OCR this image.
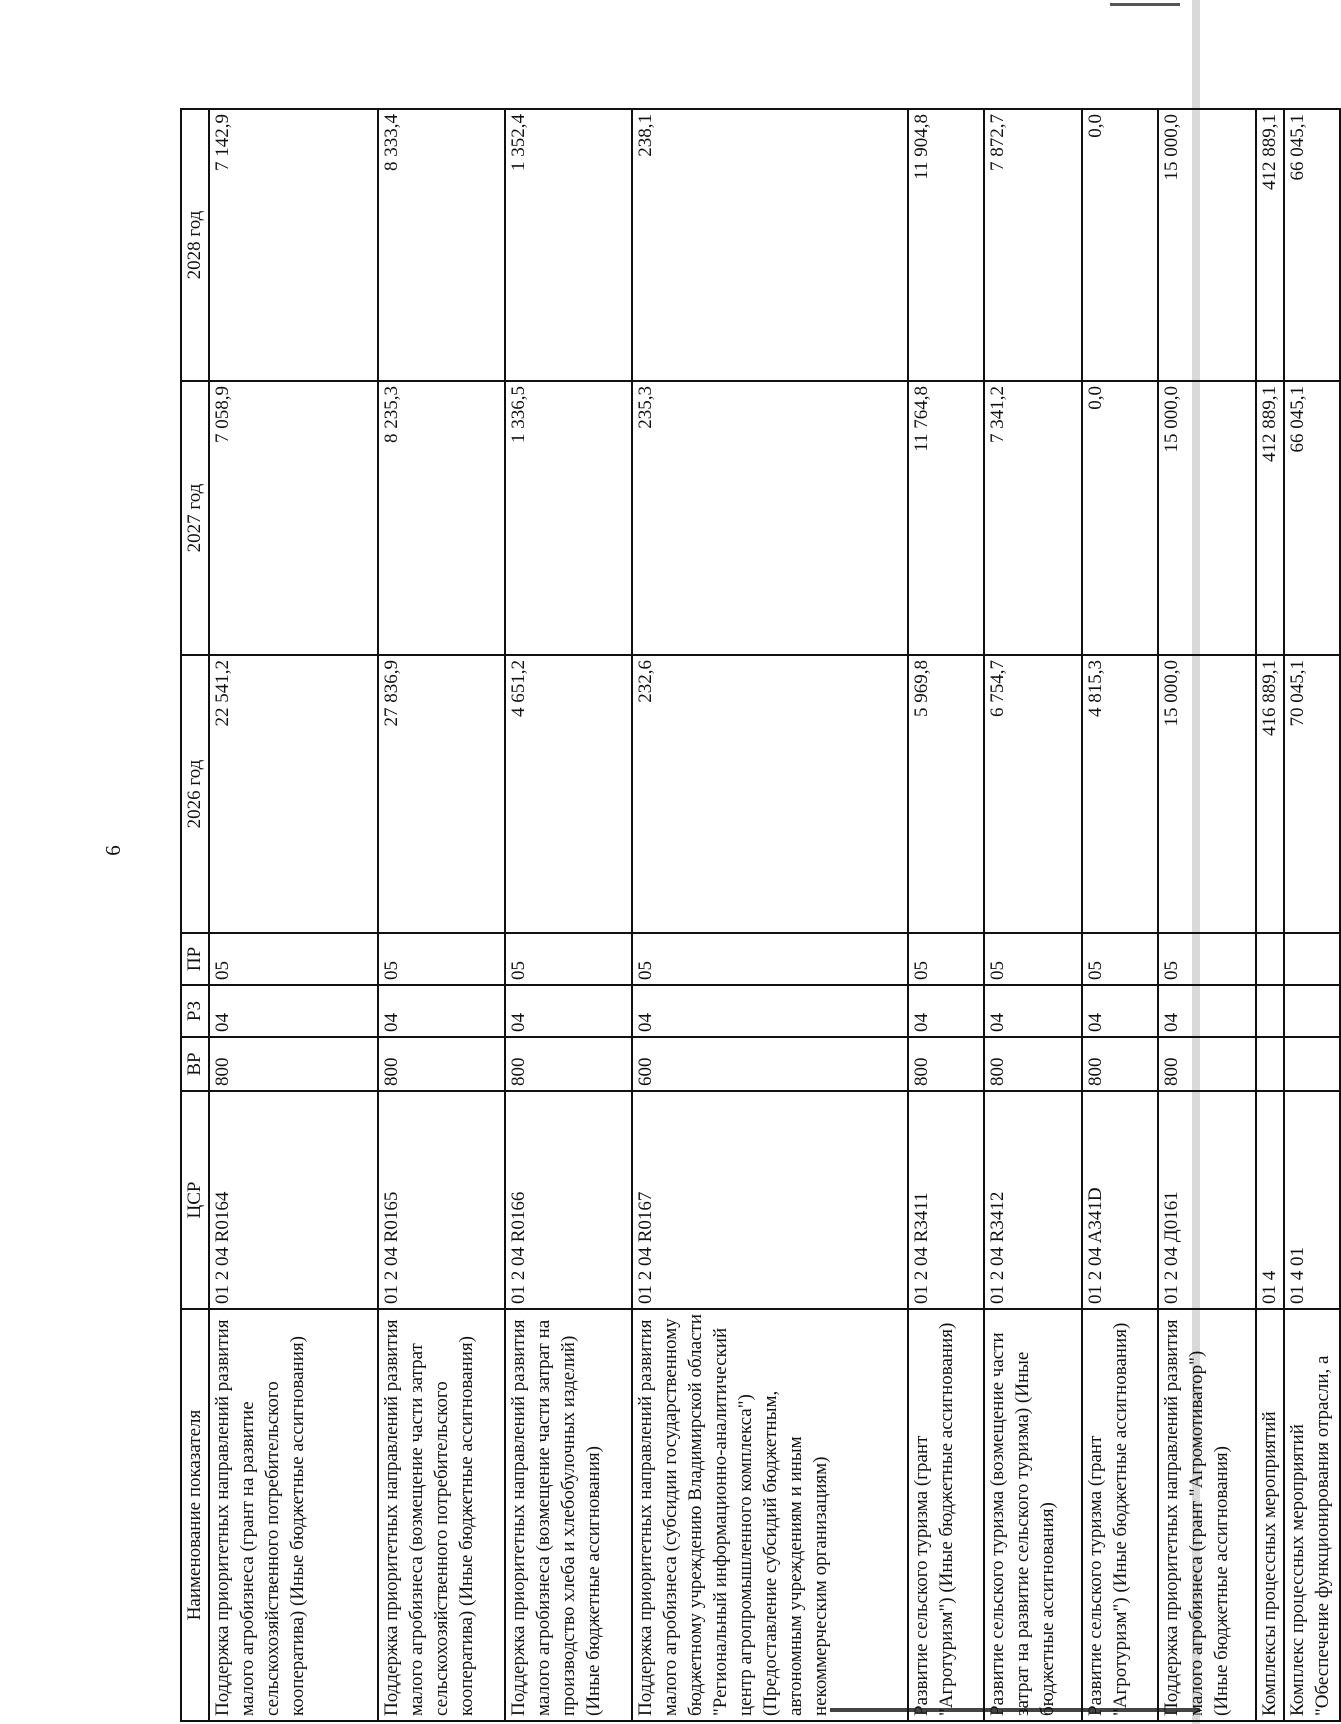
6
Наименование показателя	ЦСР	ВР	РЗ	ПР	2026 год	2027 год	2028 год
Поддержка приоритетных направлений развития малого агробизнеса (грант на развитие сельскохозяйственного потребительского кооператива) (Иные бюджетные ассигнования)	01 2 04 R0164	800	04	05	22 541,2	7 058,9	7 142,9
Поддержка приоритетных направлений развития малого агробизнеса (возмещение части затрат сельскохозяйственного потребительского кооператива) (Иные бюджетные ассигнования)	01 2 04 R0165	800	04	05	27 836,9	8 235,3	8 333,4
Поддержка приоритетных направлений развития малого агробизнеса (возмещение части затрат на производство хлеба и хлебобулочных изделий) (Иные бюджетные ассигнования)	01 2 04 R0166	800	04	05	4 651,2	1 336,5	1 352,4
Поддержка приоритетных направлений развития малого агробизнеса (субсидии государственному бюджетному учреждению Владимирской области "Региональный информационно-аналитический центр агропромышленного комплекса") (Предоставление субсидий бюджетным, автономным учреждениям и иным некоммерческим организациям)	01 2 04 R0167	600	04	05	232,6	235,3	238,1
Развитие сельского туризма (грант "Агротуризм") (Иные бюджетные ассигнования)	01 2 04 R3411	800	04	05	5 969,8	11 764,8	11 904,8
Развитие сельского туризма (возмещение части затрат на развитие сельского туризма) (Иные бюджетные ассигнования)	01 2 04 R3412	800	04	05	6 754,7	7 341,2	7 872,7
Развитие сельского туризма (грант "Агротуризм") (Иные бюджетные ассигнования)	01 2 04 A341D	800	04	05	4 815,3	0,0	0,0
Поддержка приоритетных направлений развития малого агробизнеса (грант "Агромотиватор") (Иные бюджетные ассигнования)	01 2 04 Д0161	800	04	05	15 000,0	15 000,0	15 000,0
Комплексы процессных мероприятий	01 4				416 889,1	412 889,1	412 889,1
Комплекс процессных мероприятий "Обеспечение функционирования отрасли, а	01 4 01				70 045,1	66 045,1	66 045,1
